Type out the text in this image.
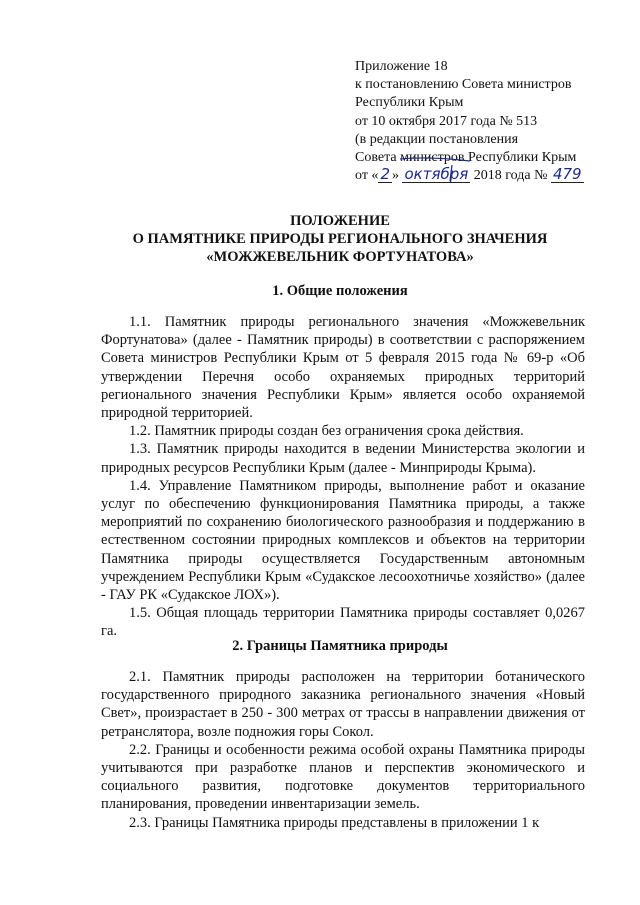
Приложение 18
к постановлению Совета министров
Республики Крым
от 10 октября 2017 года № 513
(в редакции постановления
Совета министров Республики Крым
от « 2 » октября 2018 года № 479
ПОЛОЖЕНИЕ
О ПАМЯТНИКЕ ПРИРОДЫ РЕГИОНАЛЬНОГО ЗНАЧЕНИЯ
«МОЖЖЕВЕЛЬНИК ФОРТУНАТОВА»
1. Общие положения

1.1. Памятник природы регионального значения «Можжевельник Фортунатова» (далее - Памятник природы) в соответствии с распоряжением Совета министров Республики Крым от 5 февраля 2015 года № 69-р «Об утверждении Перечня особо охраняемых природных территорий регионального значения Республики Крым» является особо охраняемой природной территорией.

1.2. Памятник природы создан без ограничения срока действия.

1.3. Памятник природы находится в ведении Министерства экологии и природных ресурсов Республики Крым (далее - Минприроды Крыма).

1.4. Управление Памятником природы, выполнение работ и оказание услуг по обеспечению функционирования Памятника природы, а также мероприятий по сохранению биологического разнообразия и поддержанию в естественном состоянии природных комплексов и объектов на территории Памятника природы осуществляется Государственным автономным учреждением Республики Крым «Судакское лесоохотничье хозяйство» (далее - ГАУ РК «Судакское ЛОХ»).

1.5. Общая площадь территории Памятника природы составляет 0,0267 га.

2. Границы Памятника природы

2.1. Памятник природы расположен на территории ботанического государственного природного заказника регионального значения «Новый Свет», произрастает в 250 - 300 метрах от трассы в направлении движения от ретранслятора, возле подножия горы Сокол.

2.2. Границы и особенности режима особой охраны Памятника природы учитываются при разработке планов и перспектив экономического и социального развития, подготовке документов территориального планирования, проведении инвентаризации земель.

2.3. Границы Памятника природы представлены в приложении 1 к
